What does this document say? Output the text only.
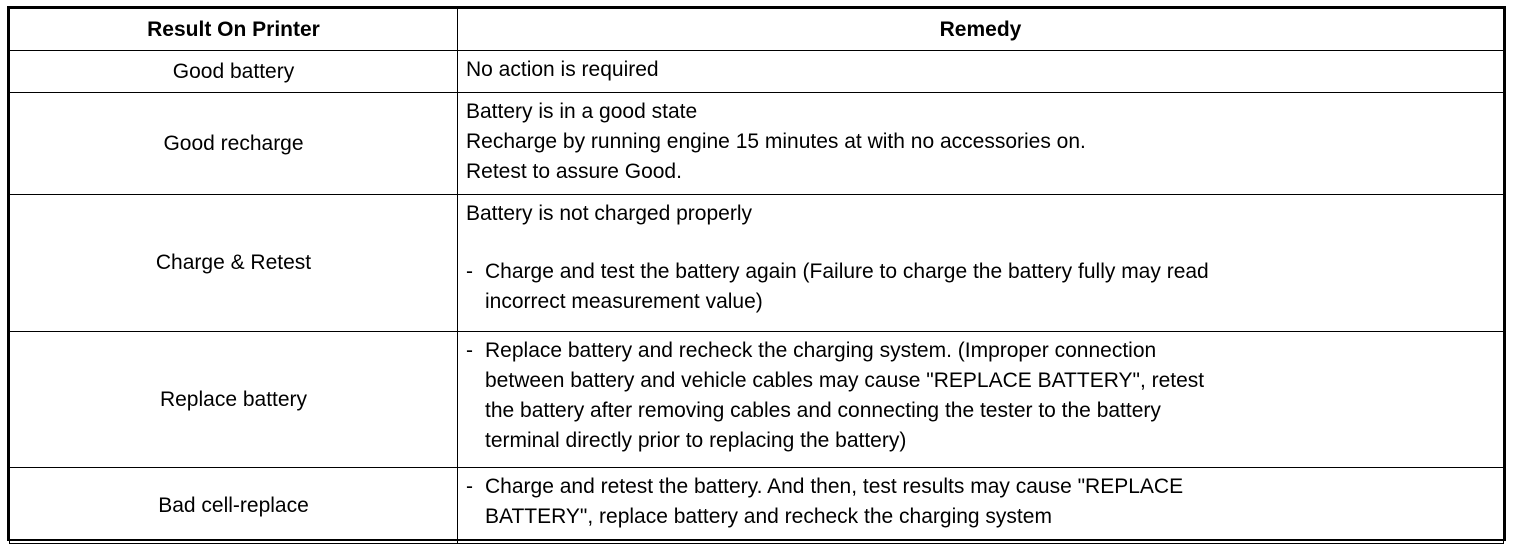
Result On Printer	Remedy
Good battery	No action is required

Good recharge	Battery is in a good state
Recharge by running engine 15 minutes at with no accessories on.
Retest to assure Good.

Charge & Retest	Battery is not charged properly
- Charge and test the battery again (Failure to charge the battery fully may read
incorrect measurement value)

Replace battery	- Replace battery and recheck the charging system. (Improper connection
between battery and vehicle cables may cause "REPLACE BATTERY", retest
the battery after removing cables and connecting the tester to the battery
terminal directly prior to replacing the battery)

Bad cell-replace	- Charge and retest the battery. And then, test results may cause "REPLACE
BATTERY", replace battery and recheck the charging system
